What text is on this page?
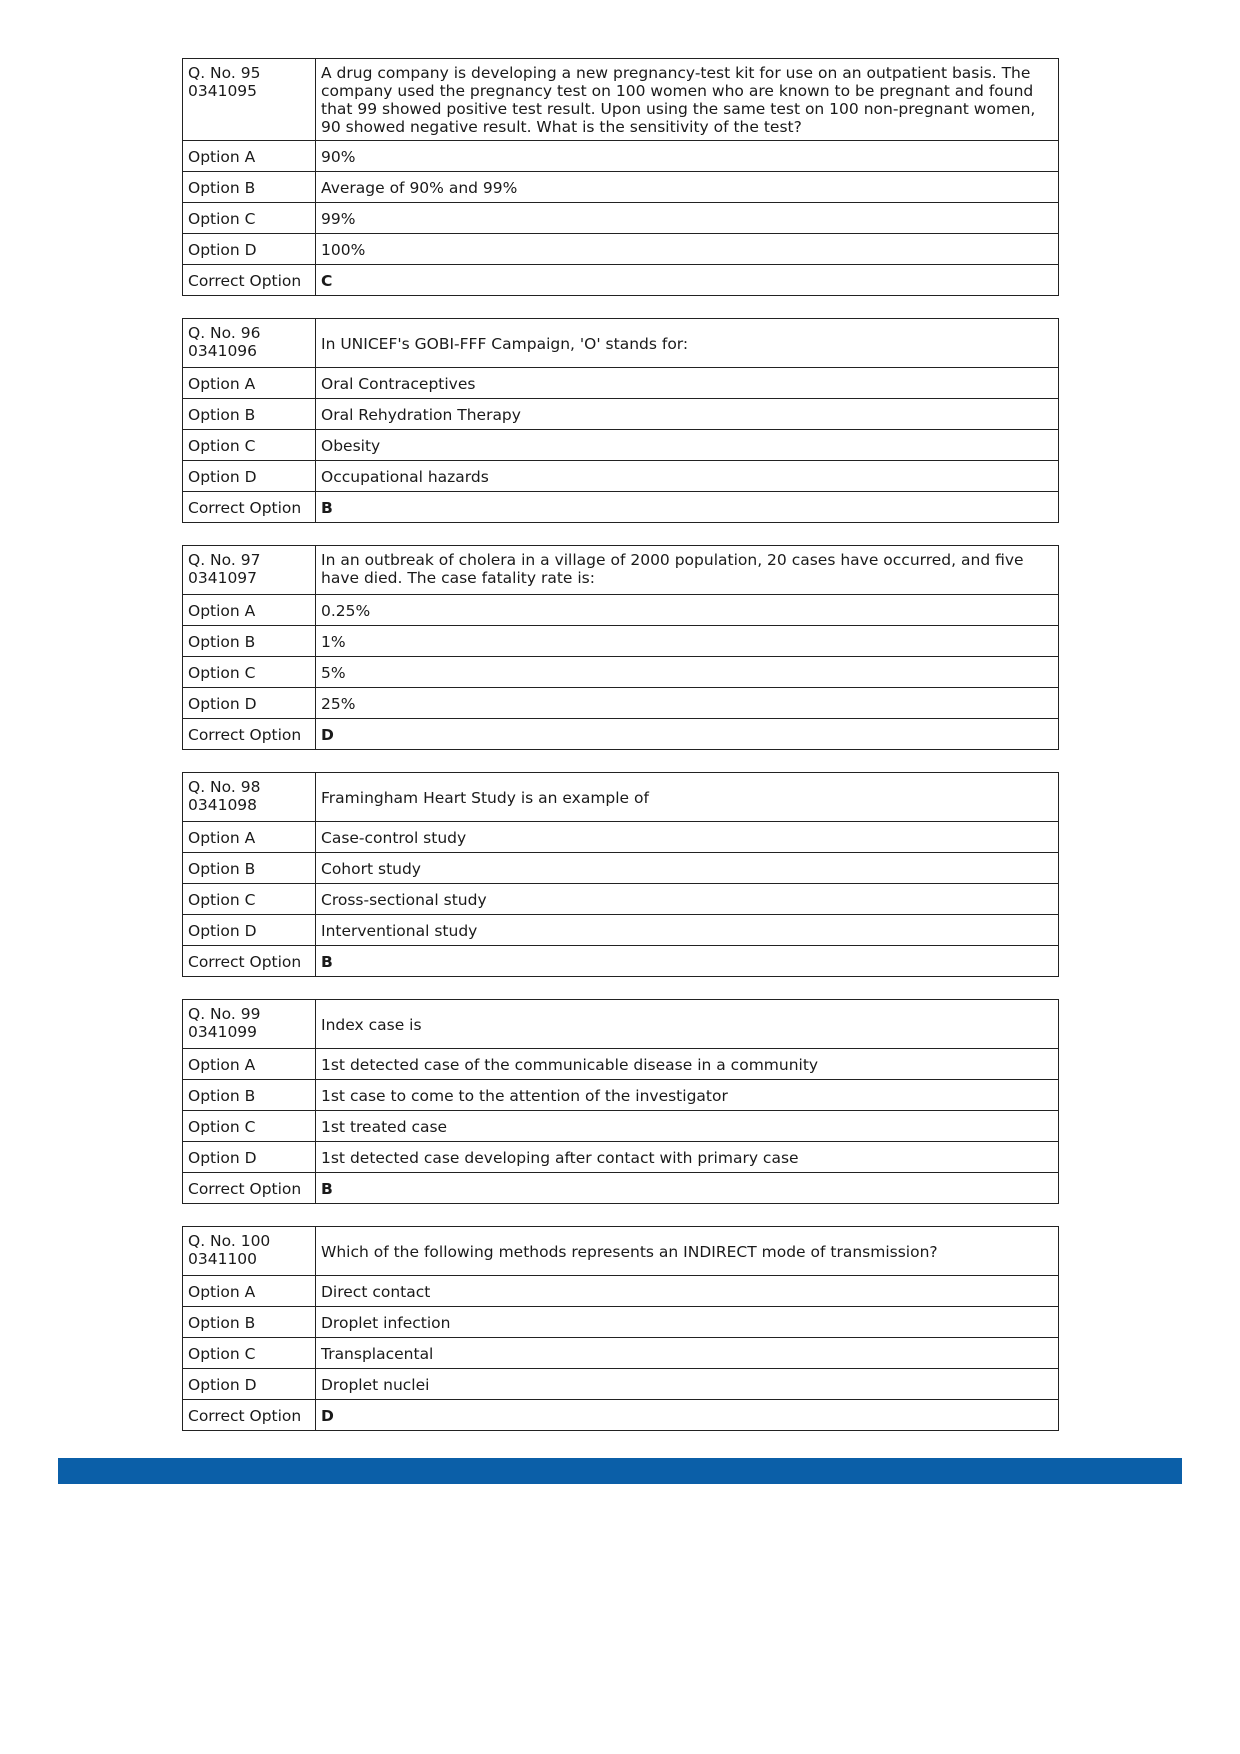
Q. No. 95
0341095	A drug company is developing a new pregnancy-test kit for use on an outpatient basis. The company used the pregnancy test on 100 women who are known to be pregnant and found that 99 showed positive test result. Upon using the same test on 100 non-pregnant women, 90 showed negative result. What is the sensitivity of the test?
Option A	90%
Option B	Average of 90% and 99%
Option C	99%
Option D	100%
Correct Option	C
Q. No. 96
0341096	In UNICEF's GOBI-FFF Campaign, 'O' stands for:
Option A	Oral Contraceptives
Option B	Oral Rehydration Therapy
Option C	Obesity
Option D	Occupational hazards
Correct Option	B
Q. No. 97
0341097	In an outbreak of cholera in a village of 2000 population, 20 cases have occurred, and five have died. The case fatality rate is:
Option A	0.25%
Option B	1%
Option C	5%
Option D	25%
Correct Option	D
Q. No. 98
0341098	Framingham Heart Study is an example of
Option A	Case-control study
Option B	Cohort study
Option C	Cross-sectional study
Option D	Interventional study
Correct Option	B
Q. No. 99
0341099	Index case is
Option A	1st detected case of the communicable disease in a community
Option B	1st case to come to the attention of the investigator
Option C	1st treated case
Option D	1st detected case developing after contact with primary case
Correct Option	B
Q. No. 100
0341100	Which of the following methods represents an INDIRECT mode of transmission?
Option A	Direct contact
Option B	Droplet infection
Option C	Transplacental
Option D	Droplet nuclei
Correct Option	D
